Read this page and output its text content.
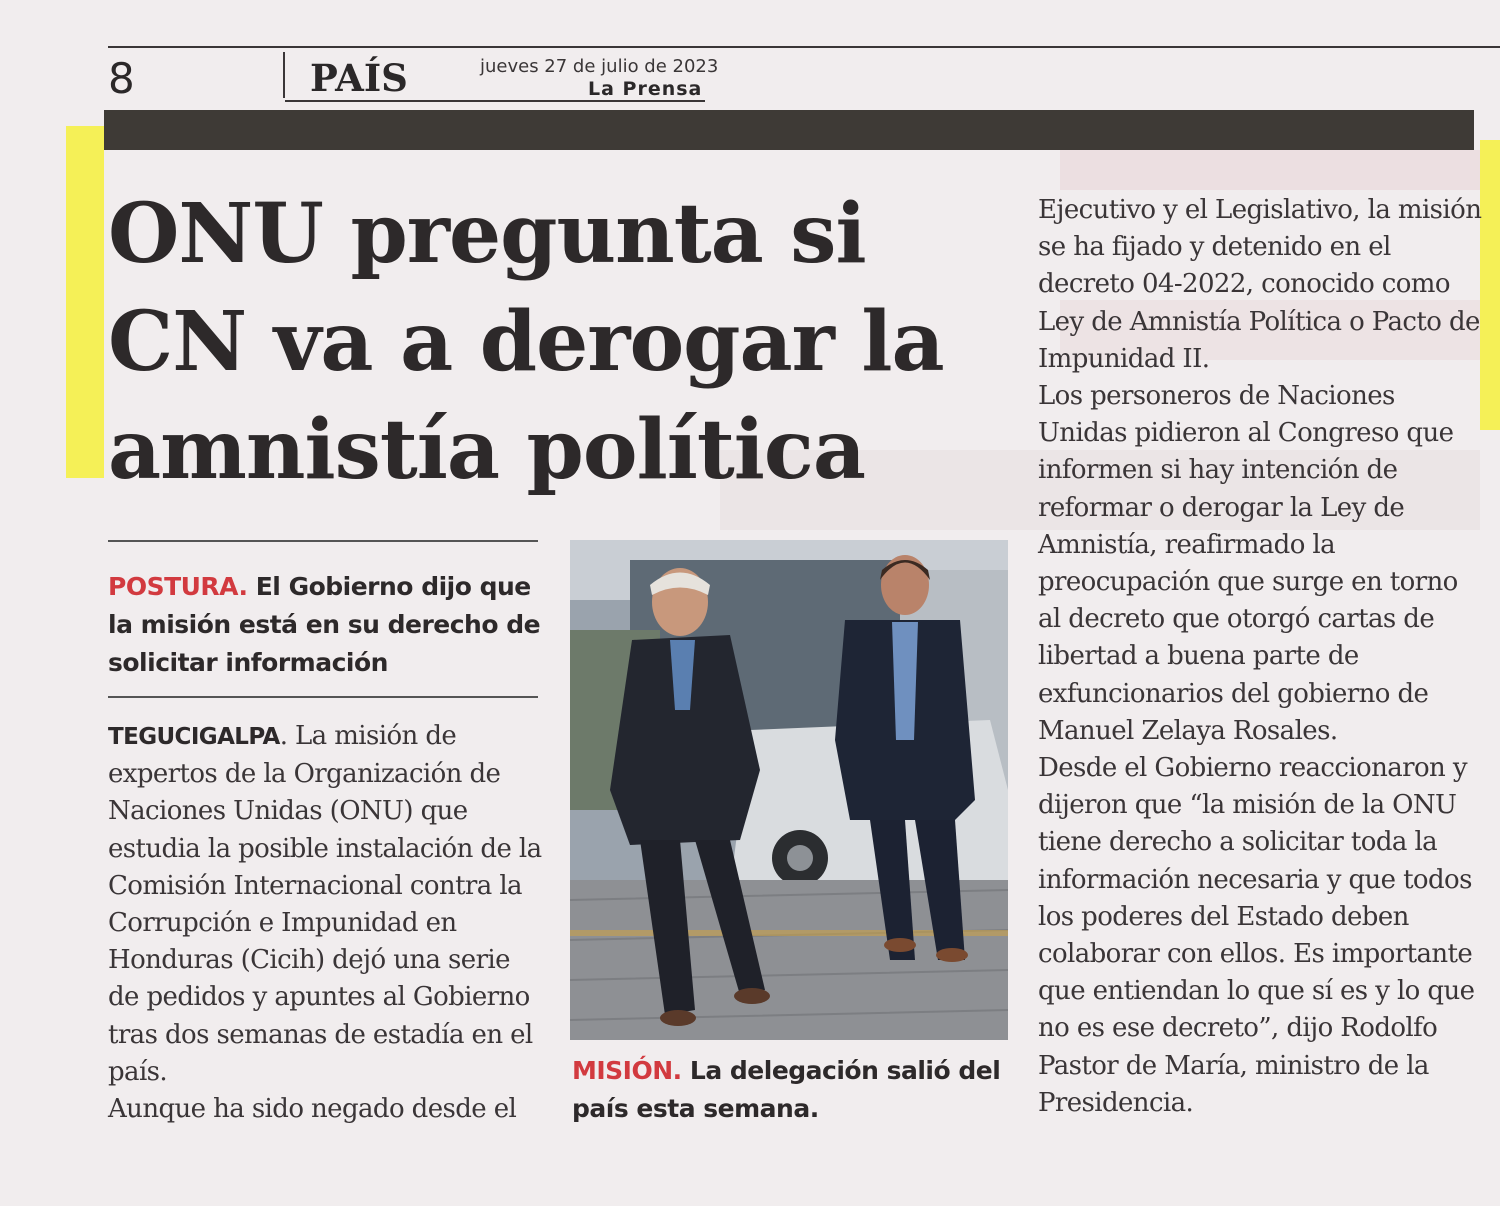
8	PAÍS	jueves 27 de julio de 2023
La Prensa
ONU pregunta si
CN va a derogar la
amnistía política
POSTURA. El Gobierno dijo que la misión está en su derecho de solicitar información

TEGUCIGALPA. La misión de expertos de la Organización de Naciones Unidas (ONU) que estudia la posible instalación de la Comisión Internacional contra la Corrupción e Impunidad en Honduras (Cicih) dejó una serie de pedidos y apuntes al Gobierno tras dos semanas de estadía en el país.

Aunque ha sido negado desde el

MISIÓN. La delegación salió del país esta semana.

Ejecutivo y el Legislativo, la misión se ha fijado y detenido en el decreto 04-2022, conocido como Ley de Amnistía Política o Pacto de Impunidad II.

Los personeros de Naciones Unidas pidieron al Congreso que informen si hay intención de reformar o derogar la Ley de Amnistía, reafirmado la preocupación que surge en torno al decreto que otorgó cartas de libertad a buena parte de exfuncionarios del gobierno de Manuel Zelaya Rosales.

Desde el Gobierno reaccionaron y dijeron que “la misión de la ONU tiene derecho a solicitar toda la información necesaria y que todos los poderes del Estado deben colaborar con ellos. Es importante que entiendan lo que sí es y lo que no es ese decreto”, dijo Rodolfo Pastor de María, ministro de la Presidencia.
